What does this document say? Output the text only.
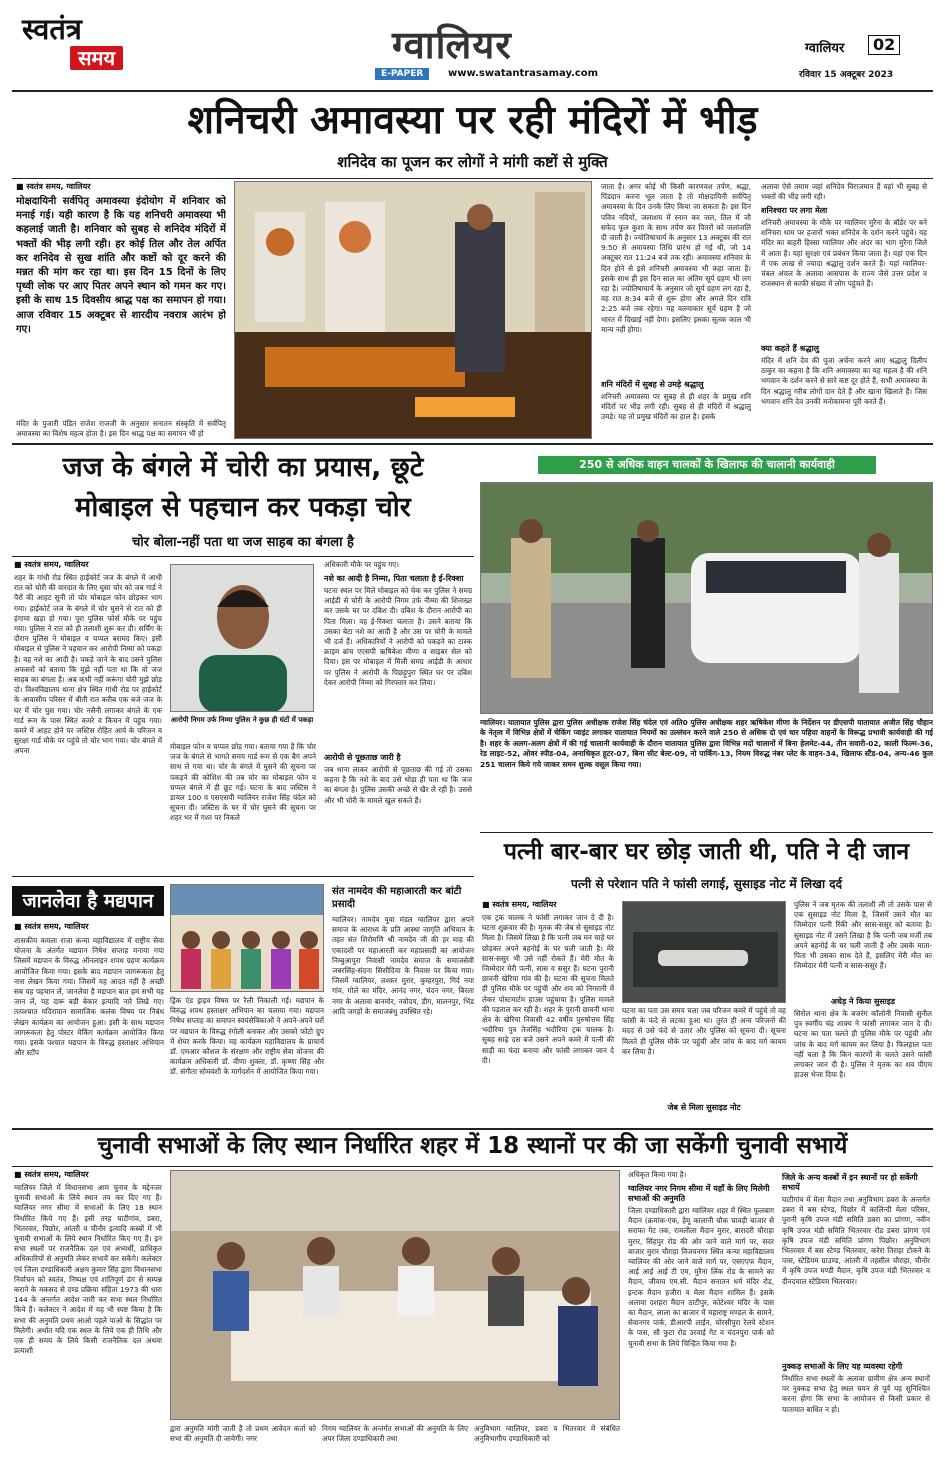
स्वतंत्र
समय	ग्वालियर
E-PAPER	www.swatantrasamay.com
ग्वालियर	02
रविवार 15 अक्टूबर 2023
शनिचरी अमावस्या पर रही मंदिरों में भीड़
शनिदेव का पूजन कर लोगों ने मांगी कष्टों से मुक्ति
■ स्वतंत्र समय, ग्वालियर
मोक्षदायिनी सर्वपितृ अमावस्या इंदोयोग में शनिवार को मनाई गई। यही कारण है कि यह शनिचरी अमावस्या भी कहलाई जाती है। शनिवार को सुबह से शनिदेव मंदिरों में भक्तों की भीड़ लगी रही। हर कोई तिल और तेल अर्पित कर शनिदेव से सुख शांति और कष्टों को दूर करने की मन्नत की मांग कर रहा था। इस दिन 15 दिनों के लिए पृथ्वी लोक पर आए पितर अपने स्थान को गमन कर गए। इसी के साथ 15 दिवसीय श्राद्ध पक्ष का समापन हो गया। आज रविवार 15 अक्टूबर से शारदीय नवरात्र आरंभ हो गए।
मंदिर के पुजारी पंडित राजेश राजजी के अनुसार सनातन संस्कृति में सर्वपितृ अमावस्या का विशेष महत्व होता है। इस दिन श्राद्ध पक्ष का समापन भी हो
जाता है। अगर कोई भी किसी कारणवश तर्पण, श्रद्धा, पिंडदान करना भूल जाता है तो मोक्षदायिनी सर्वपितृ अमावस्या के दिन उनके लिए किया जा सकता है। इस दिन पवित्र नदियों, जलाशय में स्नान कर जल, तिल में जौ सफेद फूल कुशा के साथ तर्पण कर पितरों को जलांजलि दी जाती है। ज्योतिषाचार्य के अनुसार 13 अक्टूबर की रात 9:50 से अमावस्या तिथि प्रारंभ हो गई थी, जो 14 अक्टूबर रात 11:24 बजे तक रही। अमावस्या शनिवार के दिन होने से इसे शनिचरी अमावस्या भी कहा जाता है। इसके साथ ही इस दिन साल का अंतिम सूर्य ग्रहण भी लग रहा है। ज्योतिषाचार्य के अनुसार जो सूर्य ग्रहण लग रहा है, वह रात 8:34 बजे से शुरू होगा और अगले दिन रात्रि 2:25 बजे तक रहेगा। यह वलयाकार सूर्य ग्रहण है जो भारत में दिखाई नहीं देगा। इसलिए इसका सूतक काल भी मान्य नहीं होगा।
शनि मंदिरों में सुबह से उमड़े श्रद्धालु
शनिचरी अमावस्या पर सुबह से ही शहर के प्रमुख शनि मंदिरों पर भीड़ लगी रही। सुबह से ही मंदिरों में श्रद्धालु उमड़े। यह तो प्रमुख मंदिरों का हाल है। इसके
अलावा ऐसे तमाम जहां शनिदेव विराजमान हैं वहां भी सुबह से भक्तों की भीड़ लगी रही।
शनिश्चरा पर लगा मेला
शनिचरी अमावस्या के मौके पर ग्वालियर मुरैना के बॉर्डर पर बने शनिचरा धाम पर हजारों भक्त शनिदेव के दर्शन करने पहुंचे। यह मंदिर का बाहरी हिस्सा ग्वालियर और अंदर का भाग मुरैना जिले में आता है। यहां सुरक्षा एवं प्रबंधन किया जाता है। यहां एक दिन में एक लाख से ज्यादा श्रद्धालु दर्शन करते हैं। यहां ग्वालियर-चंबल अंचल के अलावा आसपास के राज्य जैसे उत्तर प्रदेश व राजस्थान से काफी संख्या में लोग पहुंचते हैं।
क्या कहते हैं श्रद्धालु
मंदिर में शनि देव की पूजा अर्चना करने आए श्रद्धालु दिलीप ठाकुर का कहना है कि शनि अमावस्या का यह महत्व है की शनि भगवान के दर्शन करने से सारे कष्ट दूर होते हैं, सभी अमावस्या के दिन श्रद्धालु गरीब लोगों दान देते हैं और खाना खिलाते हैं। जिस भगवान शनि देव उनकी मनोकामना पूरी करते हैं।
जज के बंगले में चोरी का प्रयास, छूटे
मोबाइल से पहचान कर पकड़ा चोर
चोर बोला-नहीं पता था जज साहब का बंगला है
■ स्वतंत्र समय, ग्वालियर
शहर के गांधी रोड स्थित हाईकोर्ट जज के बंगले में आधी रात को चोरी की वारदात के लिए घुसा चोर को जब गार्ड ने पैरों की आहट सुनी तो चोर मोबाइल फोन छोड़कर भाग गया। हाईकोर्ट जज के बंगले में चोर घुसने से रात को ही हंगामा खड़ा हो गया। पूरा पुलिस फोर्स मौके पर पहुंच गया। पुलिस ने रात को ही तलाशी शुरू कर दी। सर्चिंग के दौरान पुलिस ने मोबाइल व चप्पल बरामद किए। इसी मोबाइल से पुलिस ने पहचान कर आरोपी निम्मा को पकड़ा है। वह नशे का आदी है। पकड़े जाने के बाद उसने पुलिस अफसरों को बताया कि मुझे नहीं पता था कि वो जज साहब का बंगला है। अब कभी नहीं करूंगा चोरी मुझे छोड़ दो। विश्वविद्यालय थाना क्षेत्र स्थित गांधी रोड पर हाईकोर्ट के आवासीय परिसर में बीती रात करीब एक बजे जज के घर में चोर घुस गया। चोर नसैनी लगाकर बंगले के एक गार्ड रूम के पास स्थित कमरे व किचन में पहुंच गया। कमरे में आहट होने पर जस्टिस रोहित आर्य के परिजन व सुरक्षा गार्ड मौके पर पहुंचे तो चोर भाग गया। चोर बंगले में अपना
आरोपी निगम उर्फ निम्मा पुलिस ने कुछ ही घंटों में पकड़ा
मोबाइल फोन व चप्पल छोड़ गया। बताया गया है कि चोर जज के बंगले से भागते समय गार्ड रूम से एक बैग अपने साथ ले गया था। चोर के बंगले में घुसने की सूचना पर पकड़ने की कोशिश की तब चोर का मोबाइल फोन व चप्पल बंगले में ही छूट गई। घटना के बाद जस्टिस ने डायल 100 व एसएसपी ग्वालियर राजेश सिंह चंदेल को सूचना दी। जस्टिस के घर में चोर घुसने की सूचना पर शहर भर में गश्त पर निकले
अधिकारी मौके पर पहुंच गए।
नशे का आदी है निम्मा, पिता चलाता है ई-रिक्शा
घटना स्थल पर मिले मोबाइल को चेक कर पुलिस ने समग्र आईडी से चोरी के आरोपी निगम उर्फ नीम्मा की शिनाख्त कर उसके घर पर दबिश दी। दबिश के दौरान आरोपी का पिता मिला। वह ई-रिक्शा चलाता है। उसने बताया कि उसका बेटा नशे का आदी है और उस पर चोरी के मामले भी दर्ज हैं। अधिकारियों ने आरोपी को पकड़ने का टास्क क्राइम ब्रांच एएसपी ऋषिकेश मीणा व साइबर सेल को दिया। इस पर मोबाइल में मिली समग्र आईडी के आधार पर पुलिस ने आरोपी के पिछड़ूपुरा स्थित घर पर दबिश देकर आरोपी निम्मा को गिरफ्तार कर लिया।
आरोपी से पूछताछ जारी है
जब थाना लाकर आरोपी से पूछताछ की गई तो उसका कहना है कि नशे के बाद उसे थोड़ा ही पता था कि जज का बंगला है। पुलिस उसकी अच्छे से खैर ले रही है। उससे और भी चोरी के मामले खुल सकते हैं।
250 से अधिक वाहन चालकों के खिलाफ की चालानी कार्यवाही
ग्वालियर। यातायात पुलिस द्वारा पुलिस अधीक्षक राजेश सिंह चंदेल एवं अति0 पुलिस अधीक्षक शहर ऋषिकेश मीणा के निर्देशन पर डीएसपी यातायात अजीत सिंह चौहान के नेतृत्व में विभिन्न क्षेत्रों में चेकिंग प्वाइंट लगाकर यातायात नियमों का उल्लंघन करने वाले 250 से अधिक दो एवं चार पहिया वाहनों के विरूद्ध प्रभावी कार्यवाही की गई है। शहर के अलग-अलग क्षेत्रों में की गई चालानी कार्यवाही के दौरान यातायात पुलिस द्वारा विभिन्न मदों चालानों में बिना हेलमेट-44, तीन सवारी-02, काली फिल्म-36, रेड लाइट-52, ओवर स्पीड-04, अनाधिकृत हूटर-07, बिना सीट बेल्ट-09, नो पार्किंग-13, नियम विरुद्ध नंबर प्लेट के वाहन-34, खिलाफ स्टैंड-04, अन्य-46 कुल 251 चालान किये गये जाकर समन शुल्क वसूल किया गया।
पत्नी बार-बार घर छोड़ जाती थी, पति ने दी जान
पत्नी से परेशान पति ने फांसी लगाई, सुसाइड नोट में लिखा दर्द
■ स्वतंत्र समय, ग्वालियर
एक ट्रक चालक ने फांसी लगाकर जान दे दी है। घटना शुक्रवार की है। मृतक की जेब से सुसाइड नोट मिला है। जिसमें लिखा है कि पत्नी जब मन चाहे घर छोड़कर अपने बहनोई के घर चली जाती है। मेरे सास-ससुर भी उसे नहीं रोकते हैं। मेरी मौत के जिम्मेदार मेरी पत्नी, सास व ससुर हैं। घटना पुरानी छावनी खेरिया गांव की है। घटना की सूचना मिलते ही पुलिस मौके पर पहुंची और शव को निगरानी में लेकर पोस्टमार्टम हाउस पहुंचाया है। पुलिस मामले की पड़ताल कर रही है। शहर के पुरानी छावनी थाना क्षेत्र के खेरिया निवासी 42 वर्षीय पुरुषोत्तम सिंह भदौरिया पुत्र तेजसिंह भदौरिया ट्रक चालक है। सुबह साढ़े दस बजे उसने अपने कमरे में पत्नी की साड़ी का फंदा बनाया और फांसी लगाकर जान दे दी।
घटना का पता उस समय चला जब परिजन कमरे में पहुंचे तो वह फांसी के फंदे से लटका हुआ था। तुरंत ही अन्य परिजनों की मदद से उसे फंदे से उतार और पुलिस को सूचना दी। सूचना मिलते ही पुलिस मौके पर पहुंची और जांच के बाद मर्ग कायम कर लिया है।
जेब से मिला सुसाइड नोट
पुलिस ने जब मृतक की तलाशी ली तो उसके पास से एक सुसाइड नोट मिला है, जिसमें उसने मौत का जिम्मेदार पत्नी रिंकी और सास-ससुर को बताया है। सुसाइड नोट में उसने लिखा है कि पत्नी जब मर्जी तब अपने बहनोई के घर चली जाती है और उसके माता-पिता भी उसका साथ देते हैं, इसलिए मेरी मौत का जिम्मेदार मेरी पत्नी व सास-ससुर हैं।
अधेड़ ने किया सुसाइड
सिरोल थाना क्षेत्र के बजरंग कॉलोनी निवासी सुनील पुत्र स्वर्गीय चंद्र शाक्य ने फांसी लगाकर जान दे दी। घटना का पता चलते ही पुलिस मौके पर पहुंची और जांच के बाद मर्ग कायम कर लिया है। फिलहाल पता नहीं चला है कि किन कारणों के चलते उसने फांसी लगाकर जान दी है। पुलिस ने मृतक का शव पीएम हाउस भेजा दिया है।
जानलेवा है मद्यपान
■ स्वतंत्र समय, ग्वालियर
शासकीय कमला राजा कन्या महाविद्यालय में राष्ट्रीय सेवा योजना के अंतर्गत मद्यपान निषेध सप्ताह मनाया गया जिसमें मद्यपान के विरुद्ध ऑनलाइन शपथ ग्रहण कार्यक्रम आयोजित किया गया। इसके बाद मद्यपान जागरूकता हेतु नारा लेखन किया गया। जिसमें यह आदत नहीं है अच्छी सब यह पहचान लें, जानलेवा है मद्यपान बात हम सभी यह जान लें, यह दारू बड़ी बेकार इत्यादि नारे लिखे गए। तत्पश्चात मदिरापान सामाजिक कलंक विषय पर निबंध लेखन कार्यक्रम का आयोजन हुआ। इसी के साथ मद्यपान जागरूकता हेतु पोस्टर मेकिंग कार्यक्रम आयोजित किया गया। इसके पश्चात मद्यपान के विरुद्ध हस्ताक्षर अभियान और स्टॉप
ड्रिंक एंड ड्राइव विषय पर रैली निकाली गई। मद्यपान के विरुद्ध शपथ हस्ताक्षर अभियान का चलाया गया। मद्यपान निषेध सप्ताह का समापन स्वयंसेविकाओं ने अपने-अपने घरों पर मद्यपान के विरुद्ध रंगोली बनाकर और उसको फोटो ग्रुप में शेयर करके किया। यह कार्यक्रम महाविद्यालय के प्राचार्य डॉ. एमआर कौशल के संरक्षण और राष्ट्रीय सेवा योजना की कार्यक्रम अधिकारी डॉ. वीणा शुक्ला, डॉ. कृष्णा सिंह और डॉ. संगीता सोमवंशी के मार्गदर्शन में आयोजित किया गया।
संत नामदेव की महाआरती कर बांटी प्रसादी
ग्वालियर। नामदेव युवा मंडल ग्वालियर द्वारा अपने समाज के आराध्य के प्रति आस्था जागृति अभियान के तहत संत शिरोमणि श्री नामदेव जी की हर माह की एकादशी पर महाआरती कर महाप्रसादी का आयोजन निम्बुआपुरा निवासी नामदेव समाज के समाजसेवी जबरसिंह-संदना सिसौदिया के निवास पर किया गया। जिसमें ग्वालियर, लश्कर मुरार, कुम्हरपुरा, गिर्द नया गांव, गोले का मंदिर, आनंद नगर, चंदन नगर, बिरला नगर के अलावा बानमोर, नवोदय, डीग, मालनपुर, भिंड आदि जगहों के समाजबंधु उपस्थित रहे।
चुनावी सभाओं के लिए स्थान निर्धारित शहर में 18 स्थानों पर की जा सकेंगी चुनावी सभायें
■ स्वतंत्र समय, ग्वालियर
ग्वालियर जिले में विधानसभा आम चुनाव के मद्देनजर चुनावी सभाओं के लिये स्थान तय कर दिए गए हैं। ग्वालियर नगर सीमा में सभाओं के लिए 18 स्थान निर्धारित किये गए हैं। इसी तरह घाटीगांव, डबरा, भितरवार, पिछोर, आंतरी व चीनौर इत्यादि कस्बों में भी चुनावी सभाओं के लिये स्थान निर्धारित किए गए हैं। इन सभा स्थलों पर राजनैतिक दल एवं अभ्यर्थी, प्राधिकृत अधिकारियों से अनुमति लेकर सभायें कर सकेंगे। कलेक्टर एवं जिला दण्डाधिकारी अक्षय कुमार सिंह द्वारा विधानसभा निर्वाचन को स्वतंत्र, निष्पक्ष एवं शांतिपूर्ण ढंग से सम्पन्न कराने के मकसद से दण्ड प्रक्रिया संहिता 1973 की धारा 144 के अन्तर्गत आदेश जारी कर सभा स्थल निर्धारित किये हैं। कलेक्टर ने आदेश में यह भी स्पष्ट किया है कि सभा की अनुमति प्रथम आओ पहले पाओ के सिद्धांत पर मिलेगी। अर्थात यदि एक स्थल के लिये एक ही तिथि और एक ही समय के लिये किसी राजनैतिक दल अथवा प्रत्याशी
द्वारा अनुमति मांगी जाती है तो प्रथम आवेदन कर्ता को सभा की अनुमति दी जायेगी। नगर
निगम ग्वालियर के अन्तर्गत सभाओं की अनुमति के लिए अपर जिला दण्डाधिकारी तथा
अनुविभाग ग्वालियर, डबरा व भितरवार में संबंधित अनुविभागीय दण्डाधिकारी को
अधिकृत किया गया है।
ग्वालियर नगर निगम सीमा में यहाँ के लिए मिलेगी सभाओं की अनुमति
जिला दण्डाधिकारी द्वारा ग्वालियर शहर में स्थित फूलबाग मैदान (क्रमांक-एक, हेमू कालानी चौक चावड़ी बाजार से सराफा गेट तक, रामलीला मैदान मुरार, बारादरी चौराहा मुरार, सिंहपुर रोड की ओर जाने वाले मार्ग पर, सदर बाजार मुरार चौराहा विजयनगर स्थित कन्या महाविद्यालय ग्वालियर की ओर जाने वाले मार्ग पर, एसएएफ मैदान, आई आई आई टी एम, मुरैना लिंक रोड के सामने का मैदान, जीवाय एम.सी. मैदान सनातन धर्म मंदिर रोड, इन्टक मैदान हजीरा व मेला मैदान शामिल हैं। इसके अलावा दशहरा मैदान ठाटीपुर, कोटेश्वर मंदिर के पास का मैदान, लाला का बाजार में महाराष्ट्र मण्डल के सामने, सेवानगर पार्क, डीआरपी लाईन, चोरसीपुरा रेलवे स्टेशन के पास, सौ फुटा रोड उरवाई गेट व चंदनपुरा पार्क को चुनावी सभा के लिये चिन्हित किया गया है।
जिले के अन्य कस्बों में इन स्थानों पर हो सकेंगी सभायें
घाटीगांव में मेला मैदान तथा अनुविभाग डबरा के अन्तर्गत डबरा में बस स्टेण्ड, पिछोर में कालिन्दी मेला परिसर, पुरानी कृषि उपज मंडी समिति डबरा का प्रांगण, नवीन कृषि उपज मंडी समिति भितरवार रोड डबरा प्रांगण एवं कृषि उपज मंडी समिति प्रांगण पिछोर। अनुविभाग भितरवार में बस स्टेण्ड भितरवार, करेरा तिराहा टोकने के पास, स्टेडियम ग्राउण्ड, आंतरी में तहसील चौराहा, चीनोर में कृषि उपज मण्डी मैदान, कृषि उपज मंडी भितरवार व दीनदयाल स्टेडियम भितरवार।
नुक्कड़ सभाओं के लिए यह व्यवस्था रहेगी
निर्धारित सभा स्थलों के अलावा ग्रामीण क्षेत्र अन्य स्थानों पर नुक्कड़ सभा हेतु स्थल चयन से पूर्व यह सुनिश्चित करना होगा कि सभा के आयोजन से किसी प्रकार से यातायात बाधित न हो।
